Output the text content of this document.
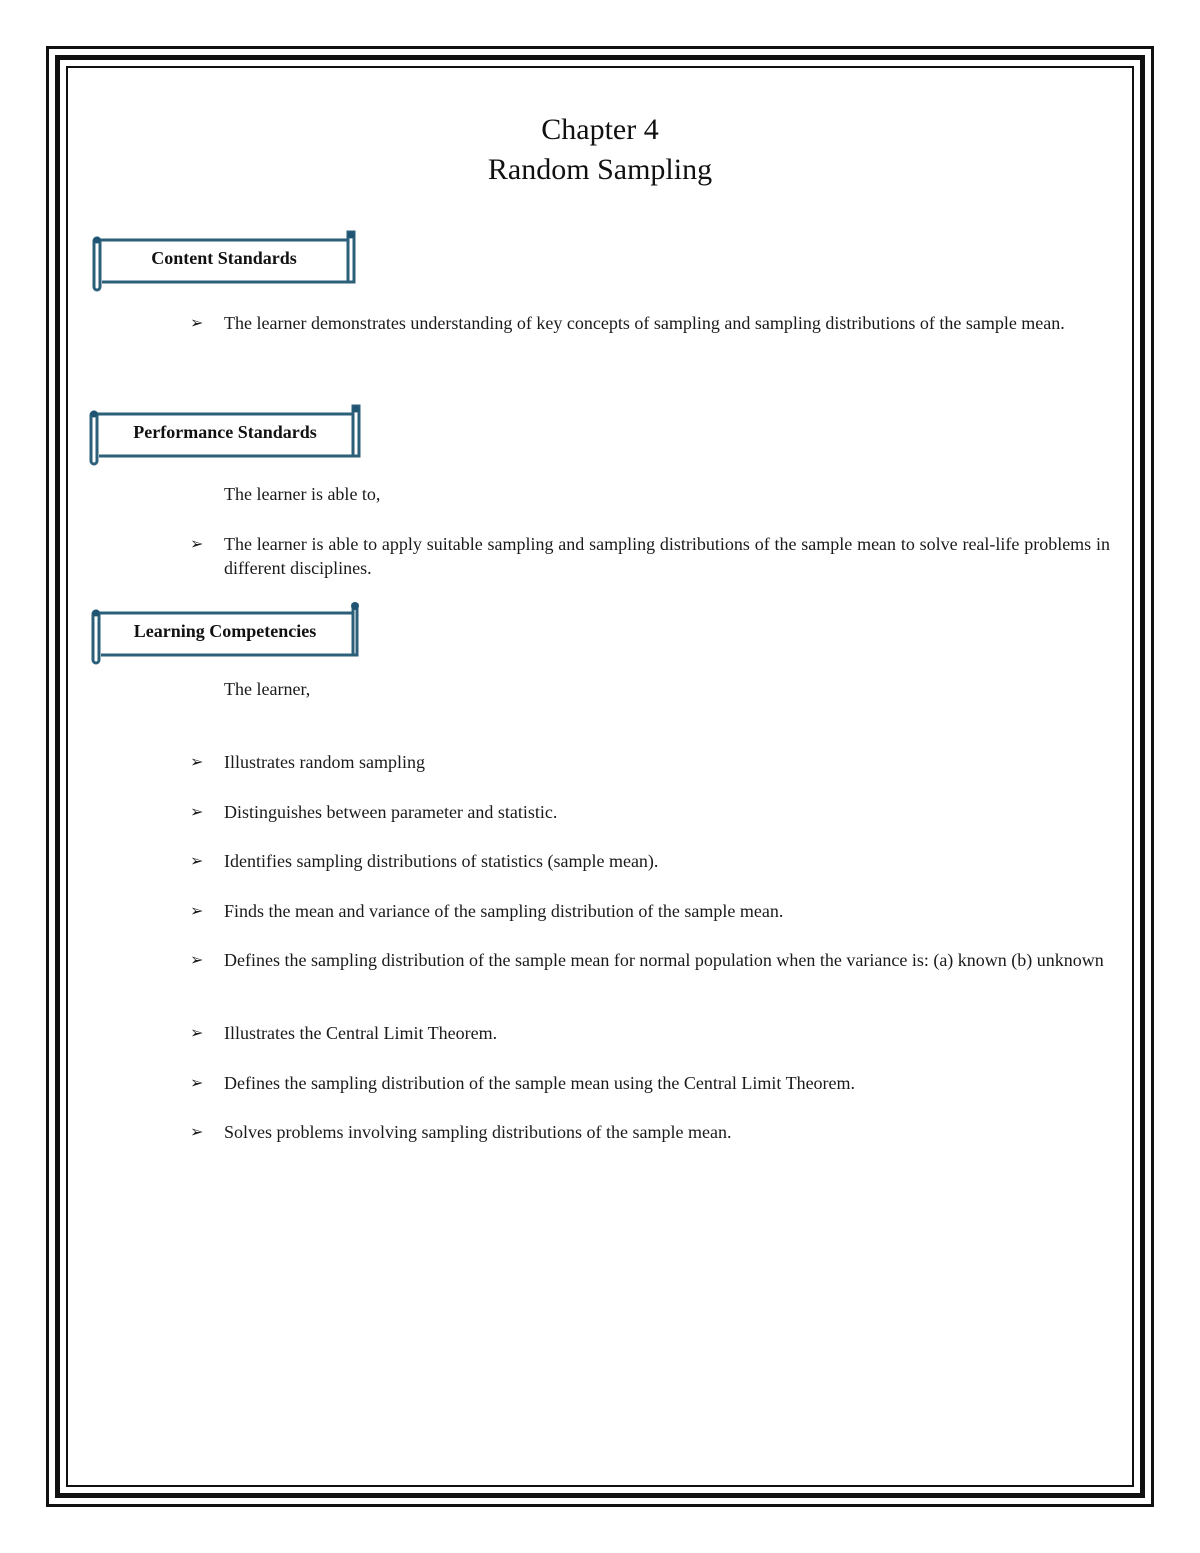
Chapter 4
Random Sampling
Content Standards
➢ The learner demonstrates understanding of key concepts of sampling and sampling distributions of the sample mean.
Performance Standards
The learner is able to,
➢ The learner is able to apply suitable sampling and sampling distributions of the sample mean to solve real-life problems in different disciplines.
Learning Competencies
The learner,
➢ Illustrates random sampling
➢ Distinguishes between parameter and statistic.
➢ Identifies sampling distributions of statistics (sample mean).
➢ Finds the mean and variance of the sampling distribution of the sample mean.
➢ Defines the sampling distribution of the sample mean for normal population when the variance is: (a) known (b) unknown
➢ Illustrates the Central Limit Theorem.
➢ Defines the sampling distribution of the sample mean using the Central Limit Theorem.
➢ Solves problems involving sampling distributions of the sample mean.
